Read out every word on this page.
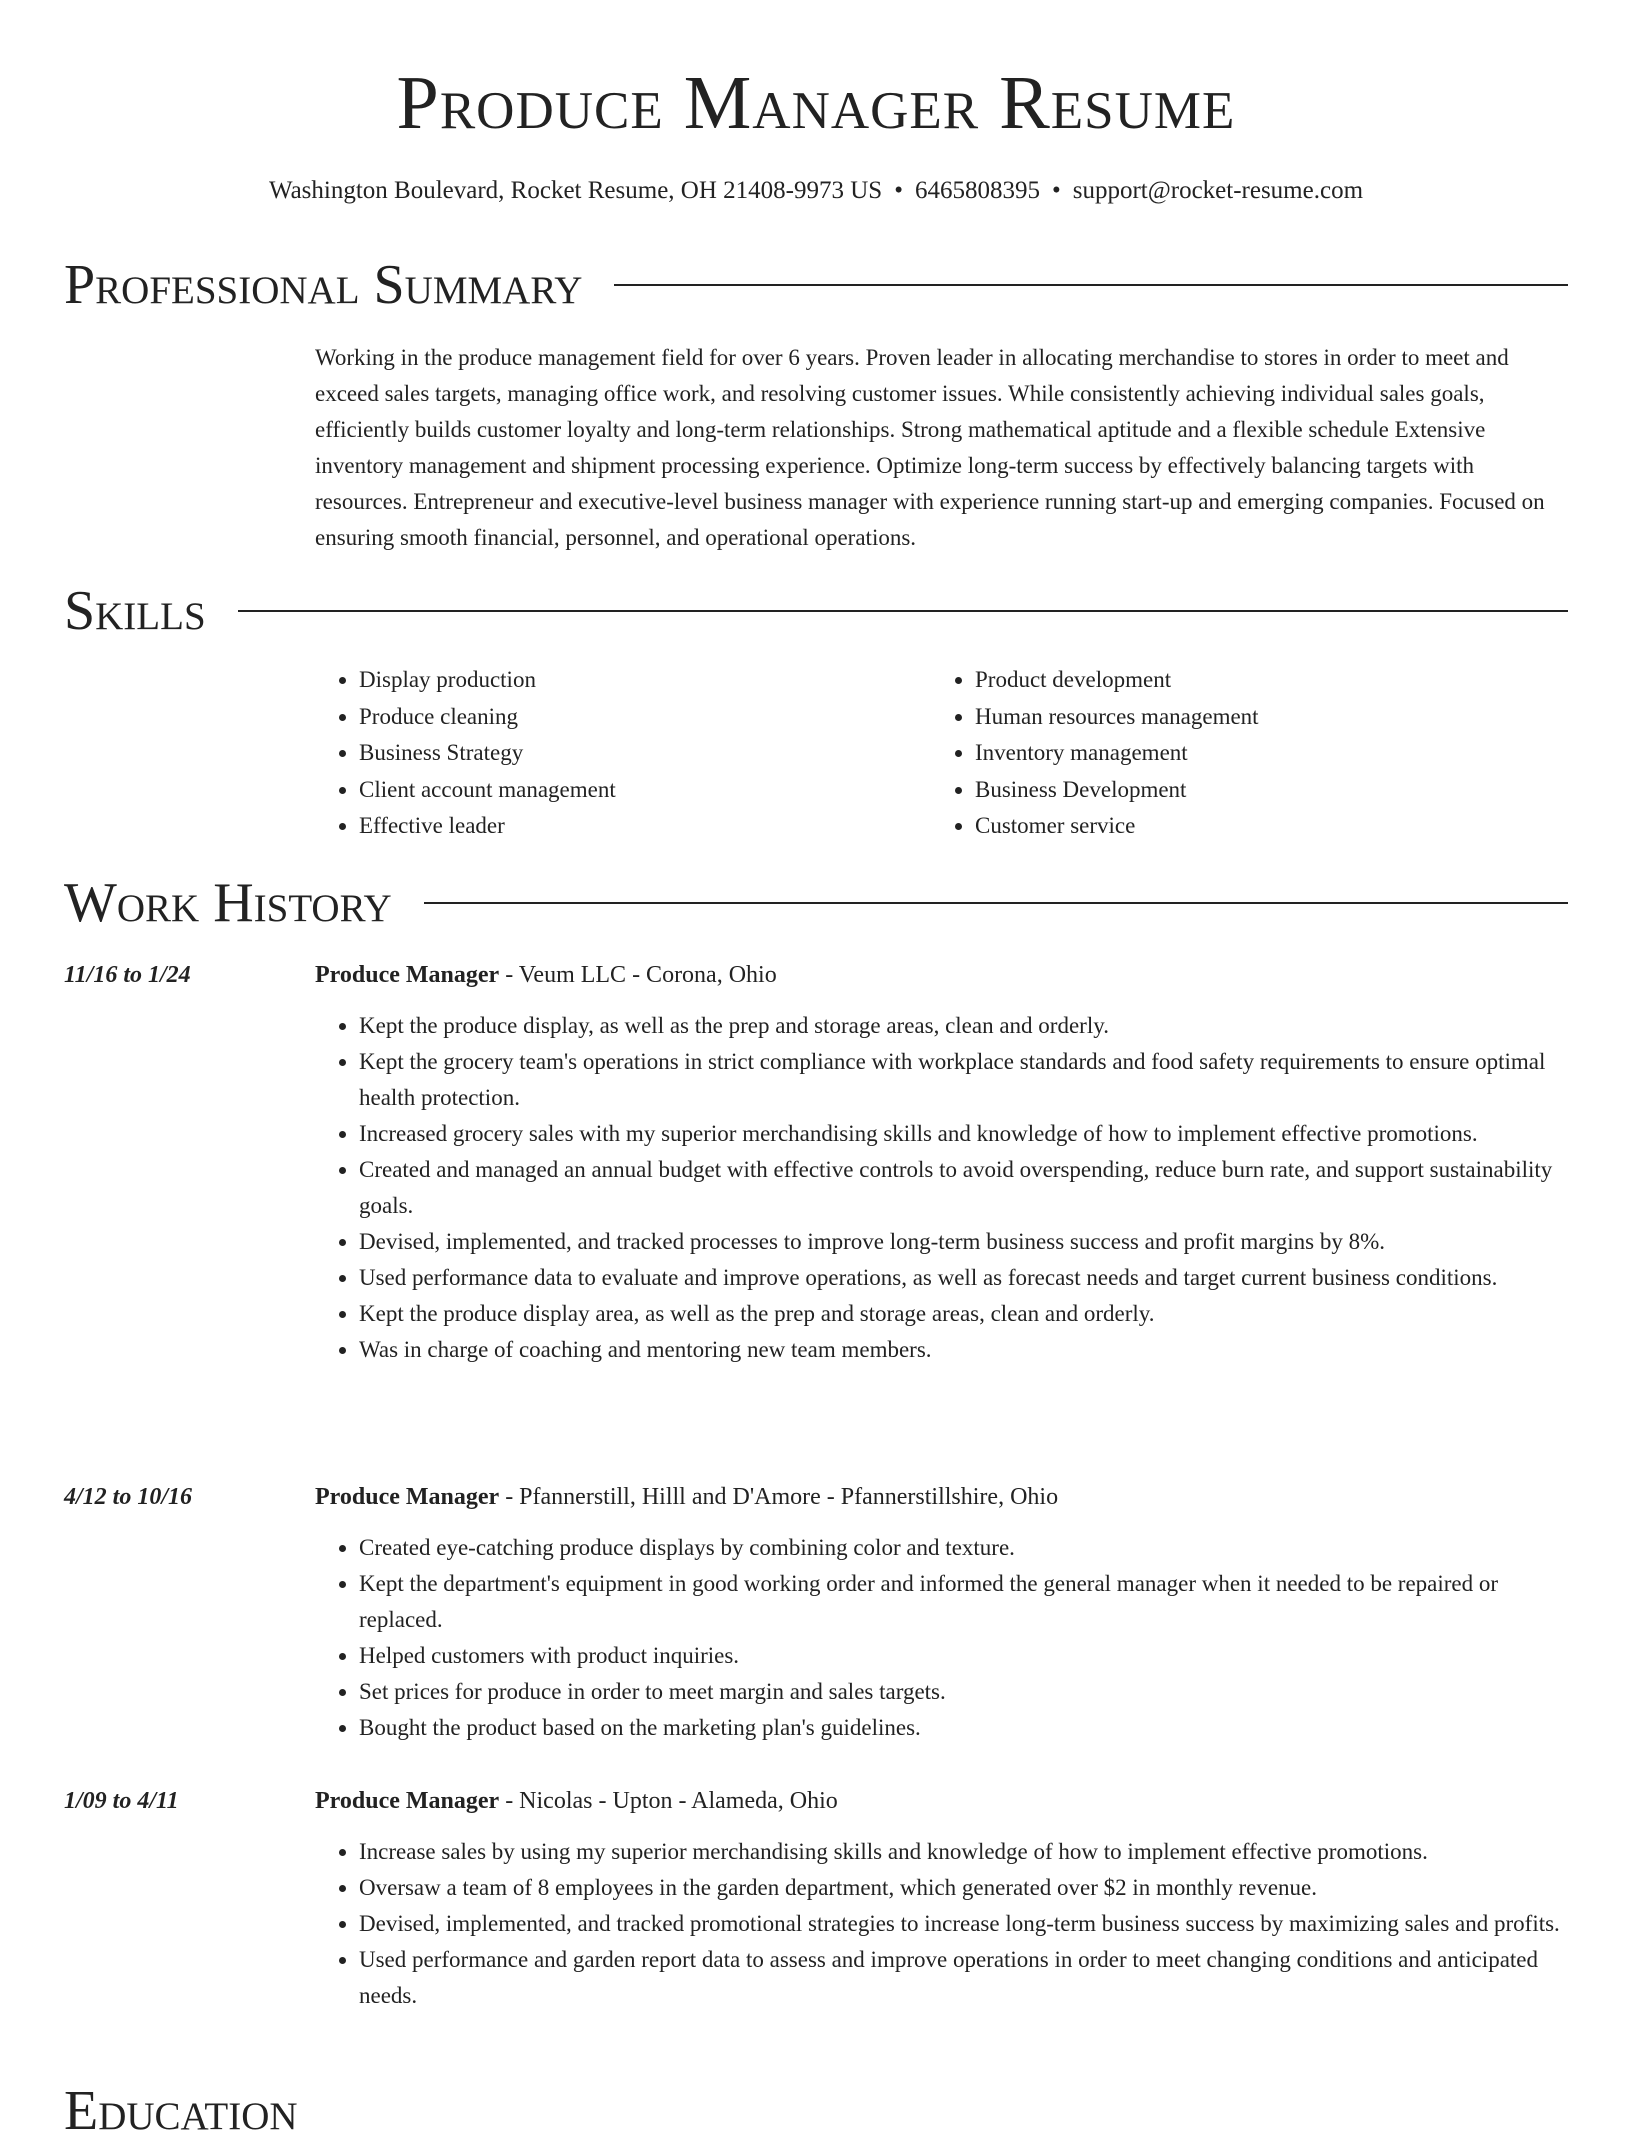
Produce Manager Resume
Washington Boulevard, Rocket Resume, OH 21408-9973 US • 6465808395 • support@rocket-resume.com
Professional Summary

Working in the produce management field for over 6 years. Proven leader in allocating merchandise to stores in order to meet and exceed sales targets, managing office work, and resolving customer issues. While consistently achieving individual sales goals, efficiently builds customer loyalty and long-term relationships. Strong mathematical aptitude and a flexible schedule Extensive inventory management and shipment processing experience. Optimize long-term success by effectively balancing targets with resources. Entrepreneur and executive-level business manager with experience running start-up and emerging companies. Focused on ensuring smooth financial, personnel, and operational operations.

Skills
• Display production
• Produce cleaning
• Business Strategy
• Client account management
• Effective leader
• Product development
• Human resources management
• Inventory management
• Business Development
• Customer service
Work History
11/16 to 1/24	Produce Manager - Veum LLC - Corona, Ohio
• Kept the produce display, as well as the prep and storage areas, clean and orderly.
• Kept the grocery team's operations in strict compliance with workplace standards and food safety requirements to ensure optimal health protection.
• Increased grocery sales with my superior merchandising skills and knowledge of how to implement effective promotions.
• Created and managed an annual budget with effective controls to avoid overspending, reduce burn rate, and support sustainability goals.
• Devised, implemented, and tracked processes to improve long-term business success and profit margins by 8%.
• Used performance data to evaluate and improve operations, as well as forecast needs and target current business conditions.
• Kept the produce display area, as well as the prep and storage areas, clean and orderly.
• Was in charge of coaching and mentoring new team members.
4/12 to 10/16	Produce Manager - Pfannerstill, Hilll and D'Amore - Pfannerstillshire, Ohio
• Created eye-catching produce displays by combining color and texture.
• Kept the department's equipment in good working order and informed the general manager when it needed to be repaired or replaced.
• Helped customers with product inquiries.
• Set prices for produce in order to meet margin and sales targets.
• Bought the product based on the marketing plan's guidelines.
1/09 to 4/11	Produce Manager - Nicolas - Upton - Alameda, Ohio
• Increase sales by using my superior merchandising skills and knowledge of how to implement effective promotions.
• Oversaw a team of 8 employees in the garden department, which generated over $2 in monthly revenue.
• Devised, implemented, and tracked promotional strategies to increase long-term business success by maximizing sales and profits.
• Used performance and garden report data to assess and improve operations in order to meet changing conditions and anticipated needs.
Education
